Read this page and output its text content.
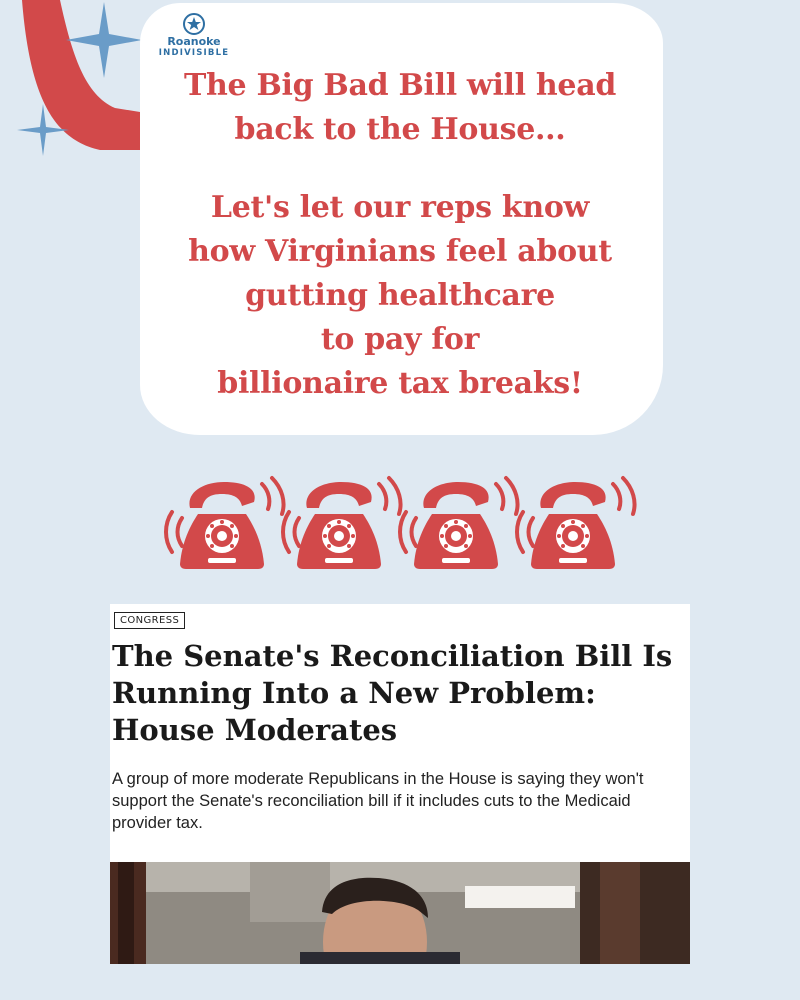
Roanoke
INDIVISIBLE

The Big Bad Bill will head

back to the House...

Let's let our reps know

how Virginians feel about

gutting healthcare

to pay for

billionaire tax breaks!

CONGRESS
The Senate's Reconciliation Bill Is Running Into a New Problem: House Moderates

A group of more moderate Republicans in the House is saying they won't support the Senate's reconciliation bill if it includes cuts to the Medicaid provider tax.
